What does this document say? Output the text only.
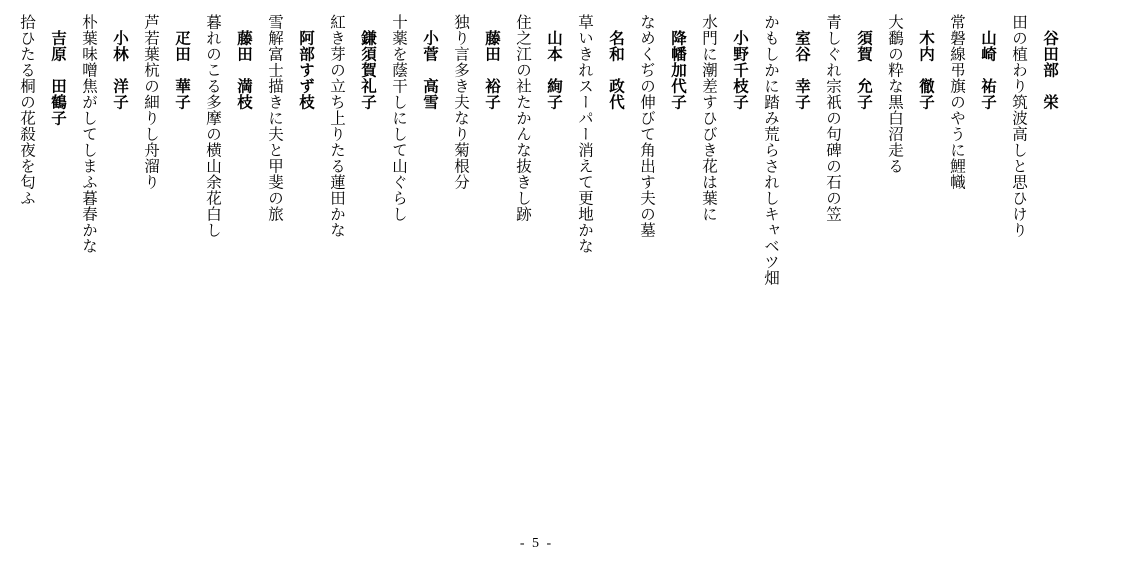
谷田部　栄
田の植わり筑波高しと思ひけり
山崎　祐子
常磐線弔旗のやうに鯉幟
木内　徹子
大鷭の粋な黒白沼走る
須賀　允子
青しぐれ宗祇の句碑の石の笠
室谷　幸子
かもしかに踏み荒らされしキャベツ畑
小野千枝子
水門に潮差すひびき花は葉に
降幡加代子
なめくぢの伸びて角出す夫の墓
名和　政代
草いきれスーパー消えて更地かな
山本　絢子
住之江の社たかんな抜きし跡
藤田　裕子
独り言多き夫なり菊根分
小菅　高雪
十薬を蔭干しにして山ぐらし
鎌須賀礼子
紅き芽の立ち上りたる蓮田かな
阿部すず枝
雪解富士描きに夫と甲斐の旅
藤田　満枝
暮れのこる多摩の横山余花白し
疋田　華子
芦若葉杭の細りし舟溜り
小林　洋子
朴葉味噌焦がしてしまふ暮春かな
吉原　田鶴子
拾ひたる桐の花殺夜を匂ふ
- 5 -
